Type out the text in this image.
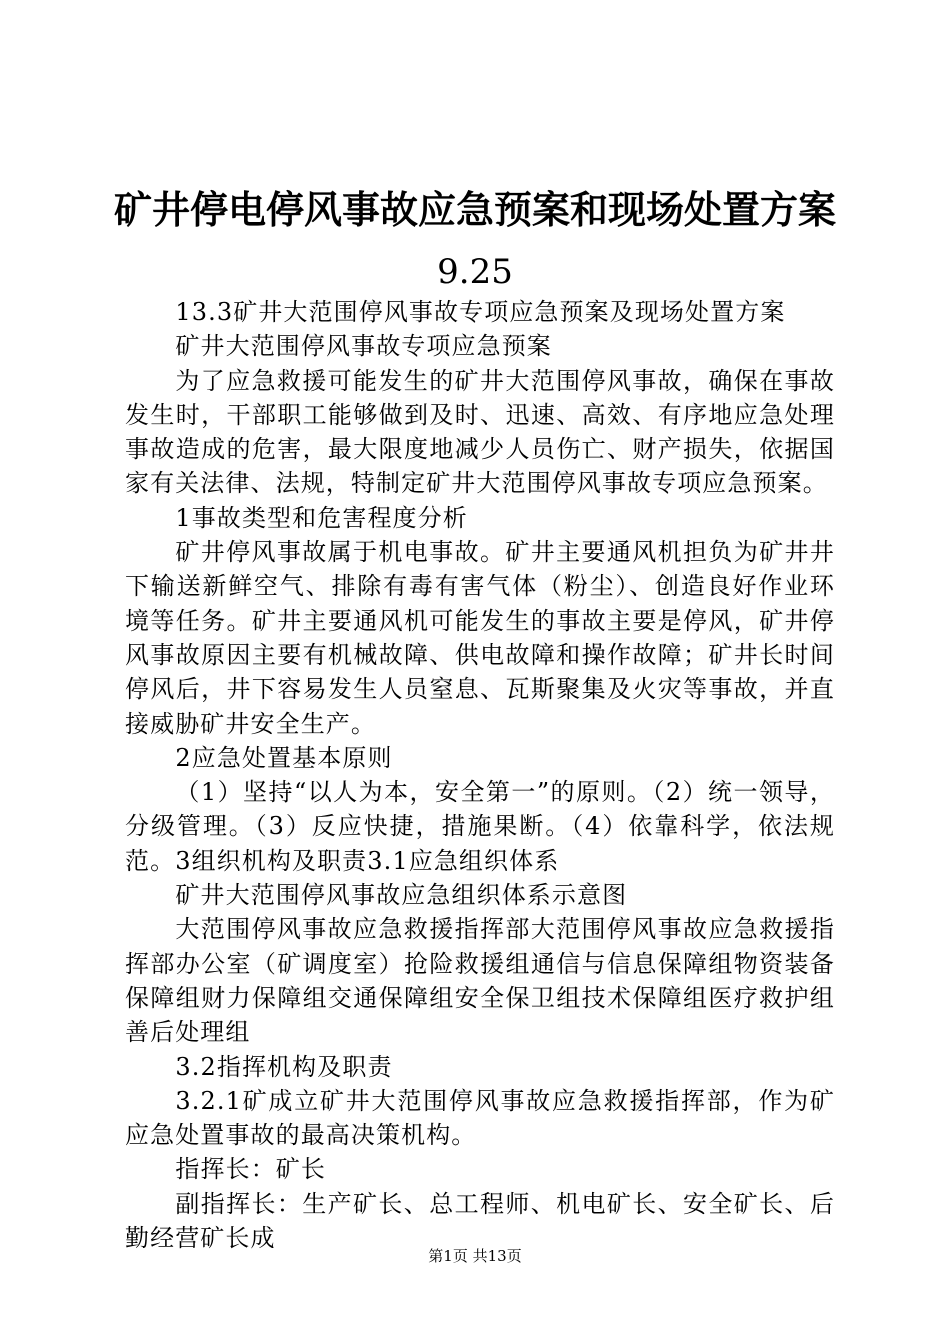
矿井停电停风事故应急预案和现场处置方案
9.25

13.3矿井大范围停风事故专项应急预案及现场处置方案

矿井大范围停风事故专项应急预案

为了应急救援可能发生的矿井大范围停风事故，确保在事故发生时，干部职工能够做到及时、迅速、高效、有序地应急处理事故造成的危害，最大限度地减少人员伤亡、财产损失，依据国家有关法律、法规，特制定矿井大范围停风事故专项应急预案。

1事故类型和危害程度分析

矿井停风事故属于机电事故。矿井主要通风机担负为矿井井下输送新鲜空气、排除有毒有害气体（粉尘）、创造良好作业环境等任务。矿井主要通风机可能发生的事故主要是停风，矿井停风事故原因主要有机械故障、供电故障和操作故障；矿井长时间停风后，井下容易发生人员窒息、瓦斯聚集及火灾等事故，并直接威胁矿井安全生产。

2应急处置基本原则

（1）坚持“以人为本，安全第一”的原则。（2）统一领导，分级管理。（3）反应快捷，措施果断。（4）依靠科学，依法规范。3组织机构及职责3.1应急组织体系

矿井大范围停风事故应急组织体系示意图

大范围停风事故应急救援指挥部大范围停风事故应急救援指挥部办公室（矿调度室）抢险救援组通信与信息保障组物资装备保障组财力保障组交通保障组安全保卫组技术保障组医疗救护组善后处理组

3.2指挥机构及职责

3.2.1矿成立矿井大范围停风事故应急救援指挥部，作为矿应急处置事故的最高决策机构。

指挥长：矿长

副指挥长：生产矿长、总工程师、机电矿长、安全矿长、后勤经营矿长成

第1页 共13页
